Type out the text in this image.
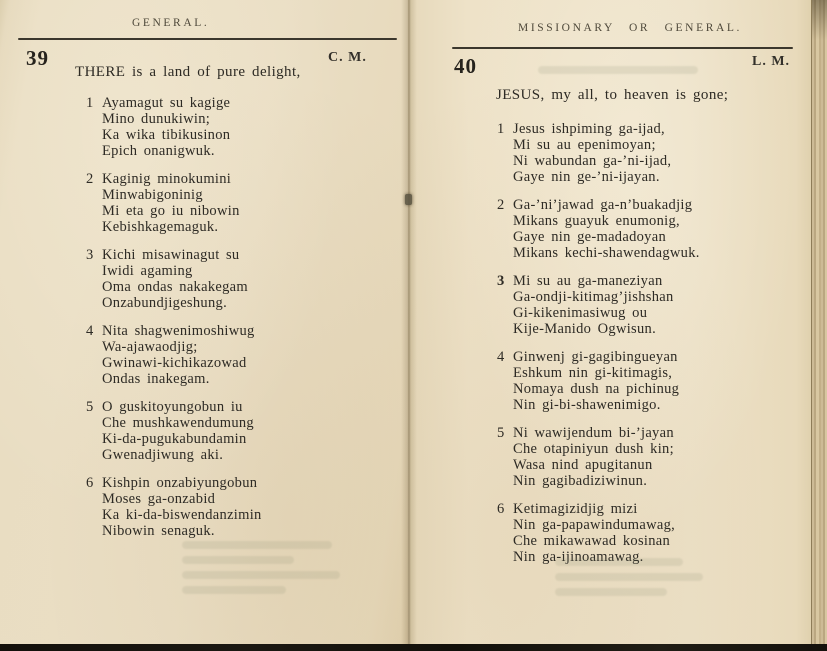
GENERAL.
39	C. M.
THERE is a land of pure delight,
1 Ayamagut su kagige
Mino dunukiwin;
Ka wika tibikusinon
Epich onanigwuk.
2 Kaginig minokumini
Minwabigoninig
Mi eta go iu nibowin
Kebishkagemaguk.
3 Kichi misawinagut su
Iwidi agaming
Oma ondas nakakegam
Onzabundjigeshung.
4 Nita shagwenimoshiwug
Wa-ajawaodjig;
Gwinawi-kichikazowad
Ondas inakegam.
5 O guskitoyungobun iu
Che mushkawendumung
Ki-da-pugukabundamin
Gwenadjiwung aki.
6 Kishpin onzabiyungobun
Moses ga-onzabid
Ka ki-da-biswendanzimin
Nibowin senaguk.
MISSIONARY OR GENERAL.
40	L. M.
JESUS, my all, to heaven is gone;
1 Jesus ishpiming ga-ijad,
Mi su au epenimoyan;
Ni wabundan ga-’ni-ijad,
Gaye nin ge-’ni-ijayan.
2 Ga-’ni’jawad ga-n’buakadjig
Mikans guayuk enumonig,
Gaye nin ge-madadoyan
Mikans kechi-shawendagwuk.
3 Mi su au ga-maneziyan
Ga-ondji-kitimag’jishshan
Gi-kikenimasiwug ou
Kije-Manido Ogwisun.
4 Ginwenj gi-gagibingueyan
Eshkum nin gi-kitimagis,
Nomaya dush na pichinug
Nin gi-bi-shawenimigo.
5 Ni wawijendum bi-’jayan
Che otapiniyun dush kin;
Wasa nind apugitanun
Nin gagibadiziwinun.
6 Ketimagizidjig mizi
Nin ga-papawindumawag,
Che mikawawad kosinan
Nin ga-ijinoamawag.
